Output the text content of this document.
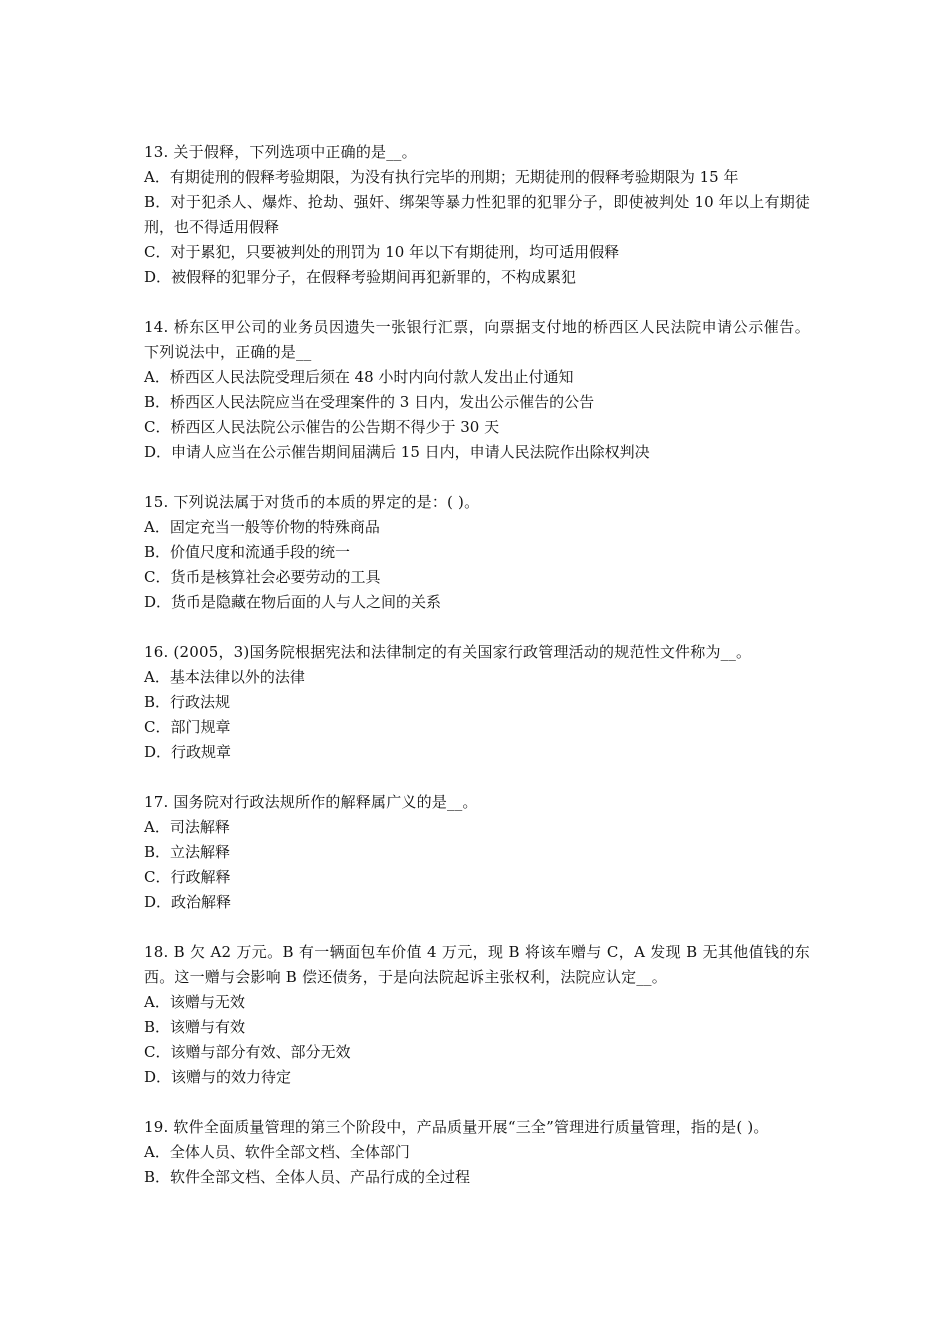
13. 关于假释，下列选项中正确的是__。
A．有期徒刑的假释考验期限，为没有执行完毕的刑期；无期徒刑的假释考验期限为 15 年
B．对于犯杀人、爆炸、抢劫、强奸、绑架等暴力性犯罪的犯罪分子，即使被判处 10 年以上有期徒刑，也不得适用假释
C．对于累犯，只要被判处的刑罚为 10 年以下有期徒刑，均可适用假释
D．被假释的犯罪分子，在假释考验期间再犯新罪的，不构成累犯
14. 桥东区甲公司的业务员因遗失一张银行汇票，向票据支付地的桥西区人民法院申请公示催告。下列说法中，正确的是__
A．桥西区人民法院受理后须在 48 小时内向付款人发出止付通知
B．桥西区人民法院应当在受理案件的 3 日内，发出公示催告的公告
C．桥西区人民法院公示催告的公告期不得少于 30 天
D．申请人应当在公示催告期间届满后 15 日内，申请人民法院作出除权判决
15. 下列说法属于对货币的本质的界定的是：( )。
A．固定充当一般等价物的特殊商品
B．价值尺度和流通手段的统一
C．货币是核算社会必要劳动的工具
D．货币是隐藏在物后面的人与人之间的关系
16. (2005，3)国务院根据宪法和法律制定的有关国家行政管理活动的规范性文件称为__。
A．基本法律以外的法律
B．行政法规
C．部门规章
D．行政规章
17. 国务院对行政法规所作的解释属广义的是__。
A．司法解释
B．立法解释
C．行政解释
D．政治解释
18. B 欠 A2 万元。B 有一辆面包车价值 4 万元，现 B 将该车赠与 C，A 发现 B 无其他值钱的东西。这一赠与会影响 B 偿还债务，于是向法院起诉主张权利，法院应认定__。
A．该赠与无效
B．该赠与有效
C．该赠与部分有效、部分无效
D．该赠与的效力待定
19. 软件全面质量管理的第三个阶段中，产品质量开展“三全”管理进行质量管理，指的是( )。
A．全体人员、软件全部文档、全体部门
B．软件全部文档、全体人员、产品行成的全过程
